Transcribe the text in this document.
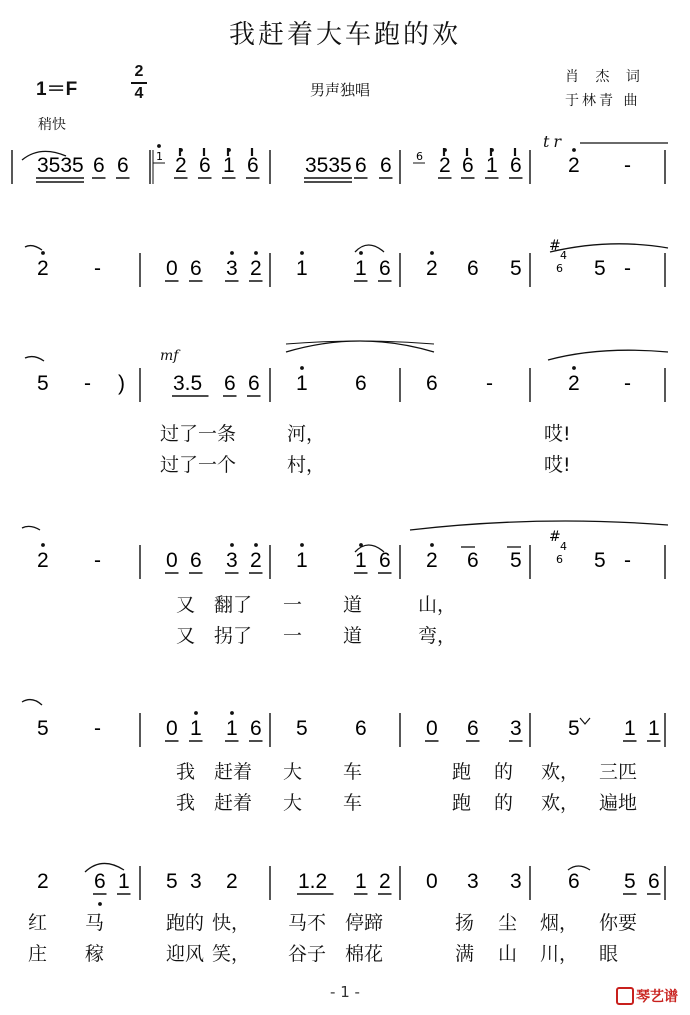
我赶着大车跑的欢
1＝F
2
4	男声独唱
肖 杰 词
于林青 曲
稍快
mf
tr
3535 6 6 2 6 1 6 3535 6 6 2 6 1 6 2 -
2 -	0 6 3 2 1 1 6 2 6 5	5 -
5 - ) 3.5 6 6 1 6	6 -	2 -
2 -	0 6 3 2 1 1 6 2 6 5	5 -
5 -	0 1 1 6 5 6	0 6 3 5 1 1
2 6 1 5 3 2	1.2 1 2 0 3 3 6 5 6
1	6
6
6
#
4
#
4
过了一条	河，	哎!
过了一个	村，	哎!
又 翻了 一 道	山，
又 拐了 一 道	弯，
我 赶着 大 车	跑 的 欢， 三匹
我 赶着 大 车	跑 的 欢， 遍地
红 马	跑的 快， 马不 停蹄	扬 尘 烟， 你要
庄 稼	迎风 笑， 谷子 棉花	满 山 川， 眼
- 1 -	琴艺谱
